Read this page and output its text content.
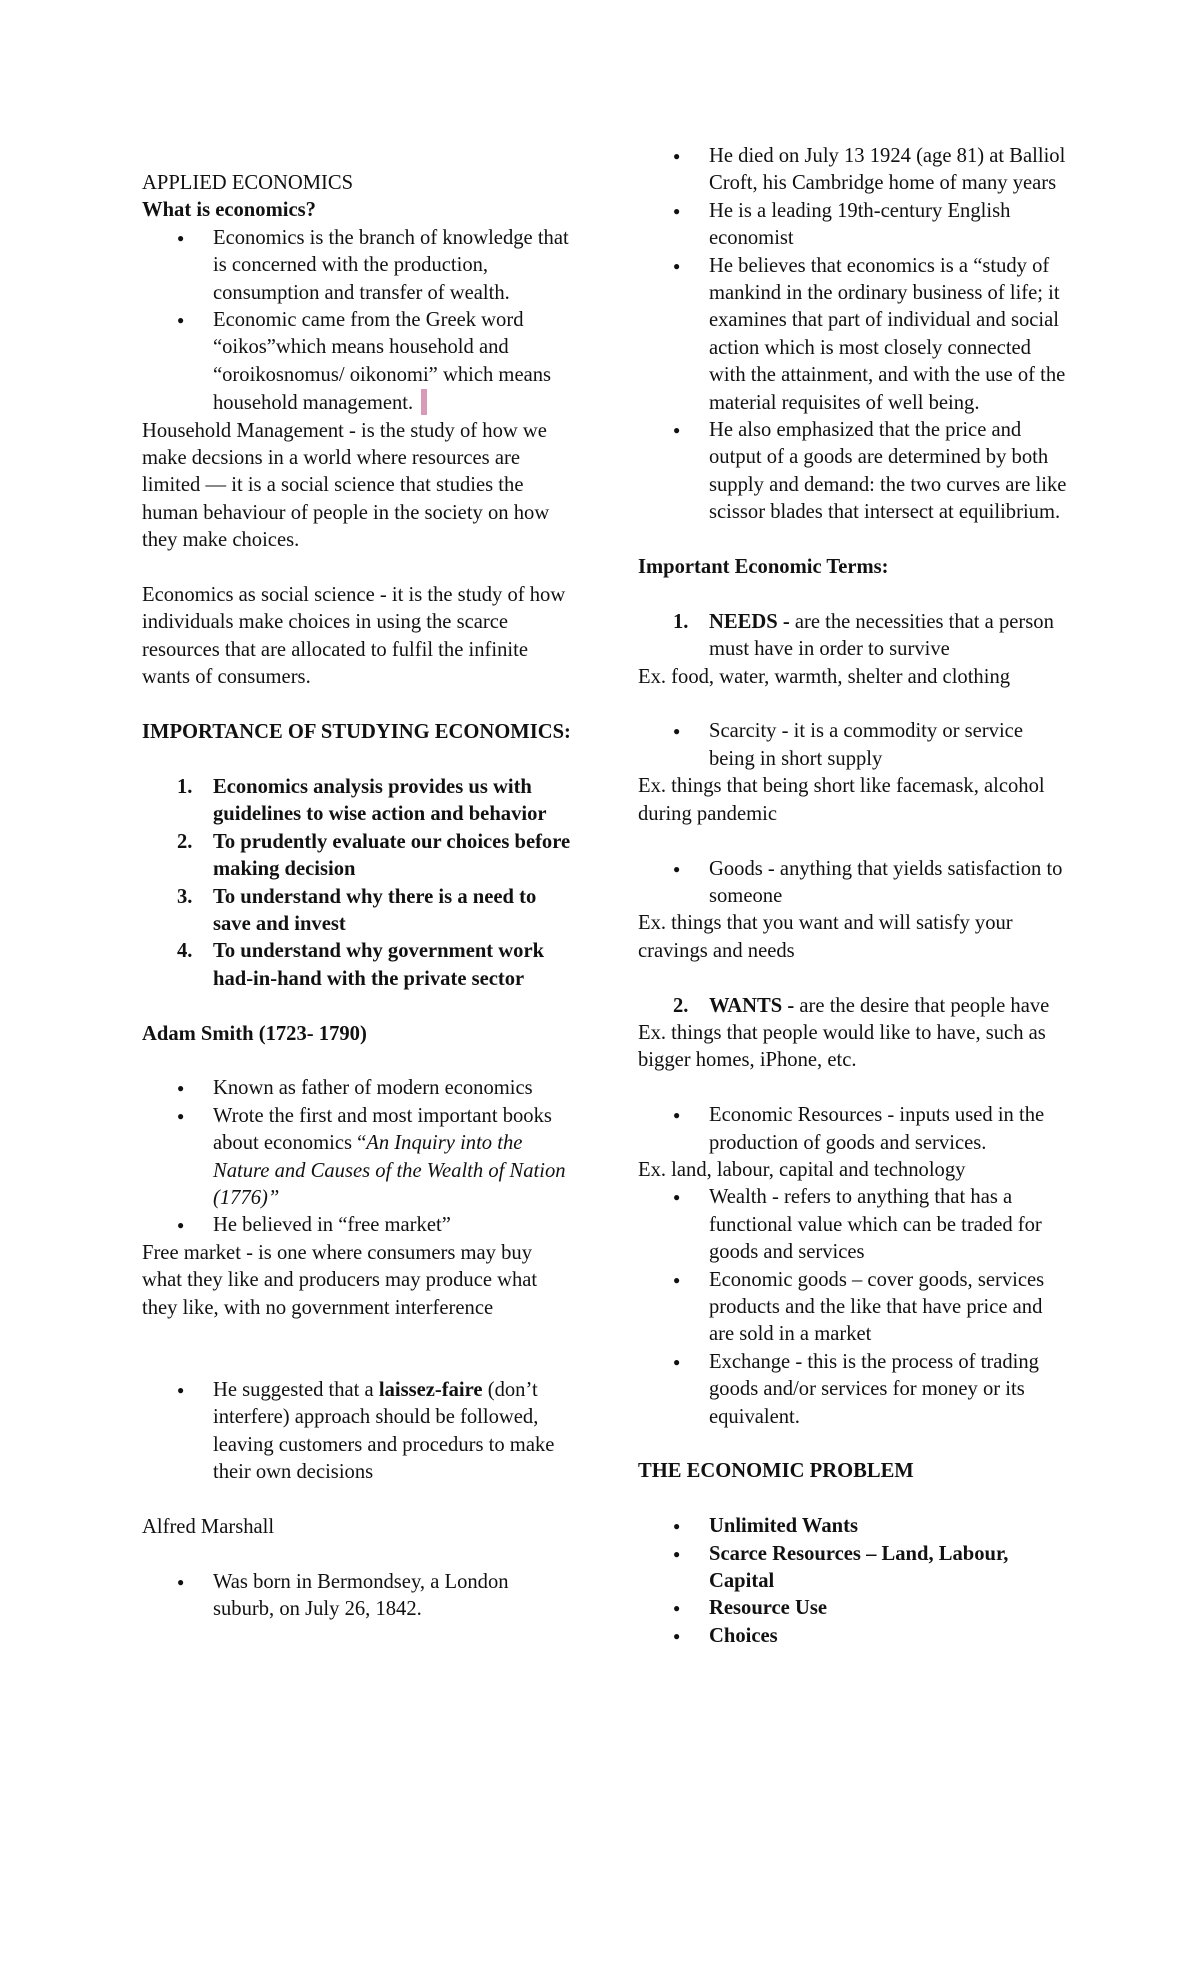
APPLIED ECONOMICS

What is economics?

● Economics is the branch of knowledge that is concerned with the production, consumption and transfer of wealth.
● Economic came from the Greek word “oikos”which means household and “oroikosnomus/ oikonomi” which means household management.

Household Management - is the study of how we make decsions in a world where resources are limited — it is a social science that studies the human behaviour of people in the society on how they make choices.

Economics as social science - it is the study of how individuals make choices in using the scarce resources that are allocated to fulfil the infinite wants of consumers.

IMPORTANCE OF STUDYING ECONOMICS:

1. Economics analysis provides us with guidelines to wise action and behavior
2. To prudently evaluate our choices before making decision
3. To understand why there is a need to save and invest
4. To understand why government work had-in-hand with the private sector

Adam Smith (1723- 1790)

● Known as father of modern economics
● Wrote the first and most important books about economics “An Inquiry into the Nature and Causes of the Wealth of Nation (1776)”
● He believed in “free market”

Free market - is one where consumers may buy what they like and producers may produce what they like, with no government interference

● He suggested that a laissez-faire (don’t interfere) approach should be followed, leaving customers and procedurs to make their own decisions

Alfred Marshall

● Was born in Bermondsey, a London suburb, on July 26, 1842.
● He died on July 13 1924 (age 81) at Balliol Croft, his Cambridge home of many years
● He is a leading 19th-century English economist
● He believes that economics is a “study of mankind in the ordinary business of life; it examines that part of individual and social action which is most closely connected with the attainment, and with the use of the material requisites of well being.
● He also emphasized that the price and output of a goods are determined by both supply and demand: the two curves are like scissor blades that intersect at equilibrium.

Important Economic Terms:

1. NEEDS - are the necessities that a person must have in order to survive

Ex. food, water, warmth, shelter and clothing

● Scarcity - it is a commodity or service being in short supply

Ex. things that being short like facemask, alcohol during pandemic

● Goods - anything that yields satisfaction to someone

Ex. things that you want and will satisfy your cravings and needs

2. WANTS - are the desire that people have

Ex. things that people would like to have, such as bigger homes, iPhone, etc.

● Economic Resources - inputs used in the production of goods and services.

Ex. land, labour, capital and technology

● Wealth - refers to anything that has a functional value which can be traded for goods and services
● Economic goods – cover goods, services products and the like that have price and are sold in a market
● Exchange - this is the process of trading goods and/or services for money or its equivalent.

THE ECONOMIC PROBLEM

● Unlimited Wants
● Scarce Resources – Land, Labour, Capital
● Resource Use
● Choices
